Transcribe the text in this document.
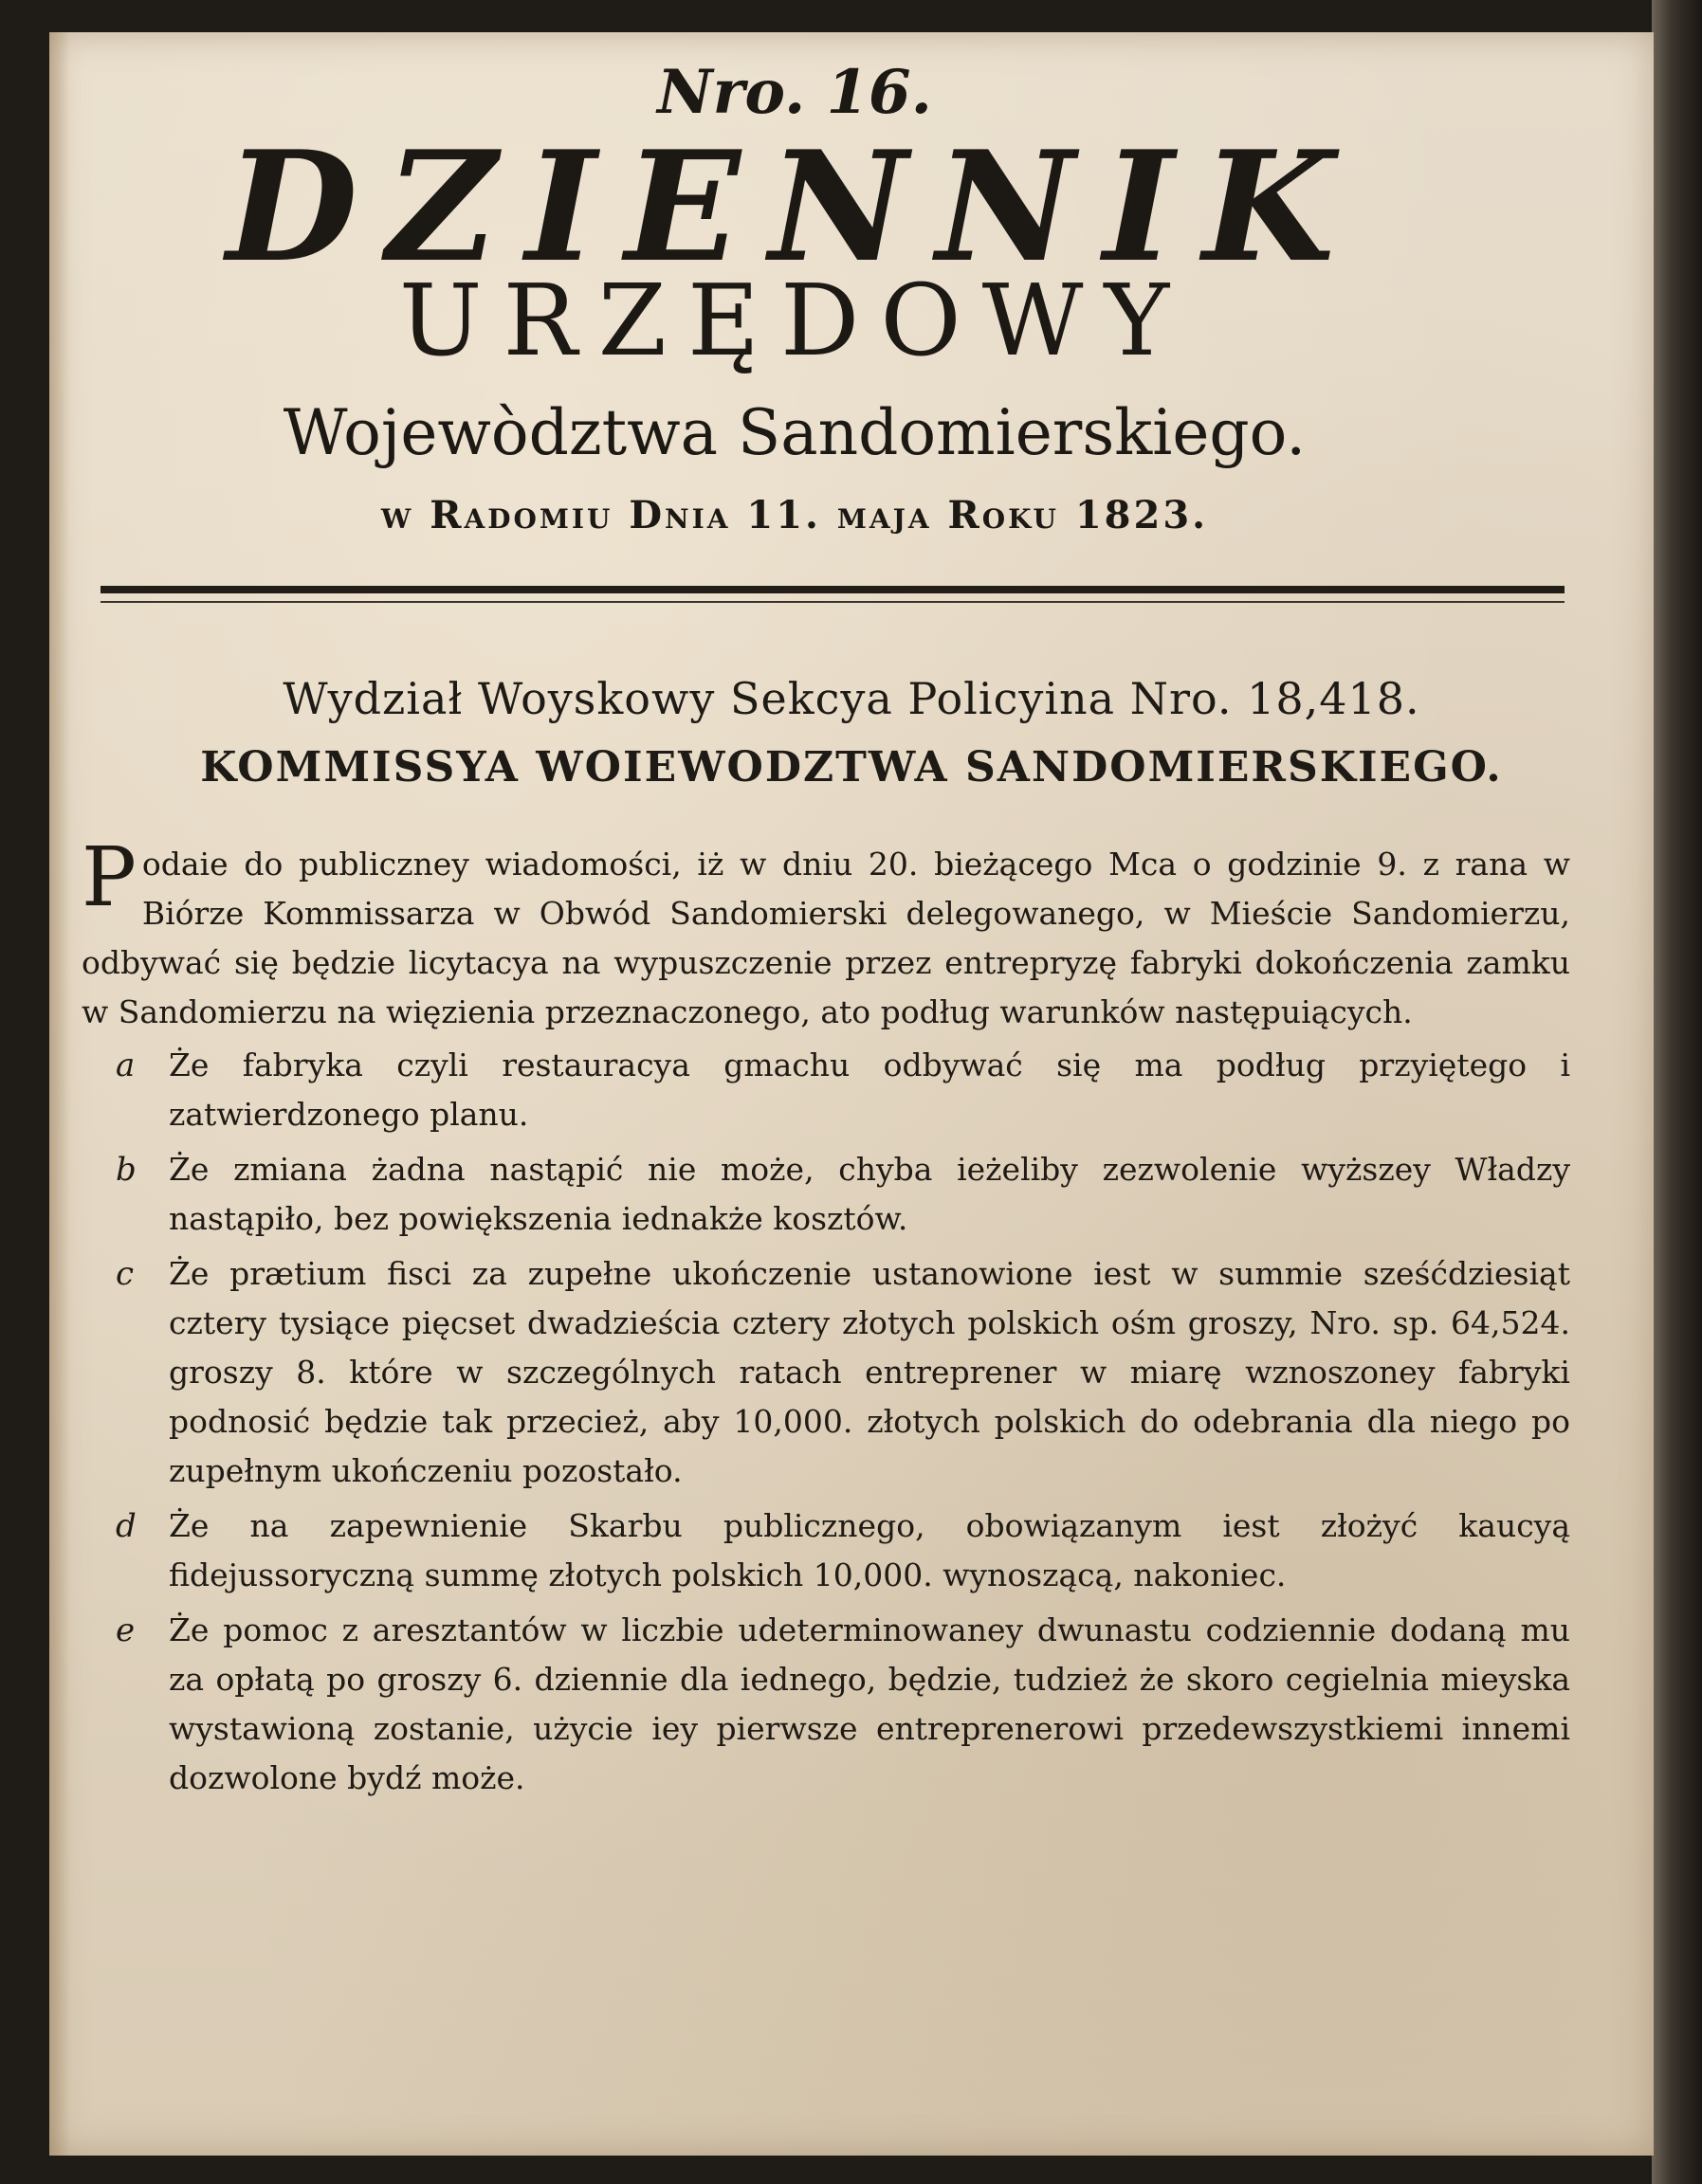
Nro. 16.
DZIENNIK
URZĘDOWY
Wojewòdztwa Sandomierskiego.
w Radomiu Dnia 11. maja Roku 1823.
Wydział Woyskowy Sekcya Policyina Nro. 18,418.
KOMMISSYA WOIEWODZTWA SANDOMIERSKIEGO.

Podaie do publiczney wiadomości, iż w dniu 20. bieżącego Mca o godzinie 9. z rana w Biórze Kommissarza w Obwód Sandomierski delegowanego, w Mieście Sandomierzu, odbywać się będzie licytacya na wypuszczenie przez entrepryzę fabryki dokończenia zamku w Sandomierzu na więzienia przeznaczonego, ato podług warunków następuiących.

a Że fabryka czyli restauracya gmachu odbywać się ma podług przyiętego i zatwierdzonego planu.
b Że zmiana żadna nastąpić nie może, chyba ieżeliby zezwolenie wyższey Władzy nastąpiło, bez powiększenia iednakże kosztów.
c Że prætium fisci za zupełne ukończenie ustanowione iest w summie sześćdziesiąt cztery tysiące pięcset dwadzieścia cztery złotych polskich ośm groszy, Nro. sp. 64,524. groszy 8. które w szczególnych ratach entreprener w miarę wznoszoney fabryki podnosić będzie tak przecież, aby 10,000. złotych polskich do odebrania dla niego po zupełnym ukończeniu pozostało.
d Że na zapewnienie Skarbu publicznego, obowiązanym iest złożyć kaucyą fidejussoryczną summę złotych polskich 10,000. wynoszącą, nakoniec.
e Że pomoc z aresztantów w liczbie udeterminowaney dwunastu codziennie dodaną mu za opłatą po groszy 6. dziennie dla iednego, będzie, tudzież że skoro cegielnia mieyska wystawioną zostanie, użycie iey pierwsze entreprenerowi przedewszystkiemi innemi dozwolone bydź może.
